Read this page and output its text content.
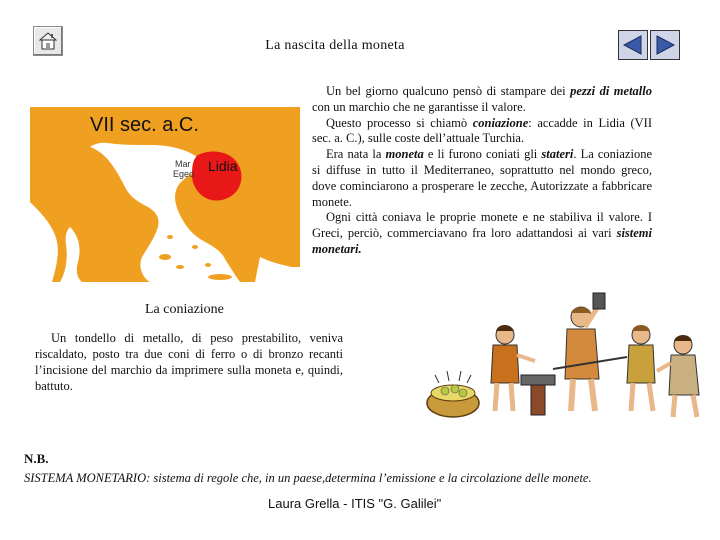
La nascita della moneta
VII sec. a.C.
Mar
Egeo Lidia

Un bel giorno qualcuno pensò di stampare dei pezzi di metallo con un marchio che ne garantisse il valore.

Questo processo si chiamò coniazione: accadde in Lidia (VII sec. a. C.), sulle coste dell’attuale Turchia.

Era nata la moneta e li furono coniati gli stateri. La coniazione si diffuse in tutto il Mediterraneo, soprattutto nel mondo greco, dove cominciarono a prosperare le zecche, Autorizzate a fabbricare monete.

Ogni città coniava le proprie monete e ne stabiliva il valore. I Greci, perciò, commerciavano fra loro adattandosi ai vari sistemi monetari.

La coniazione

Un tondello di metallo, di peso prestabilito, veniva riscaldato, posto tra due coni di ferro o di bronzo recanti l’incisione del marchio da imprimere sulla moneta e, quindi, battuto.

N.B.
SISTEMA MONETARIO: sistema di regole che, in un paese,determina l’emissione e la circolazione delle monete.
Laura Grella - ITIS "G. Galilei"
